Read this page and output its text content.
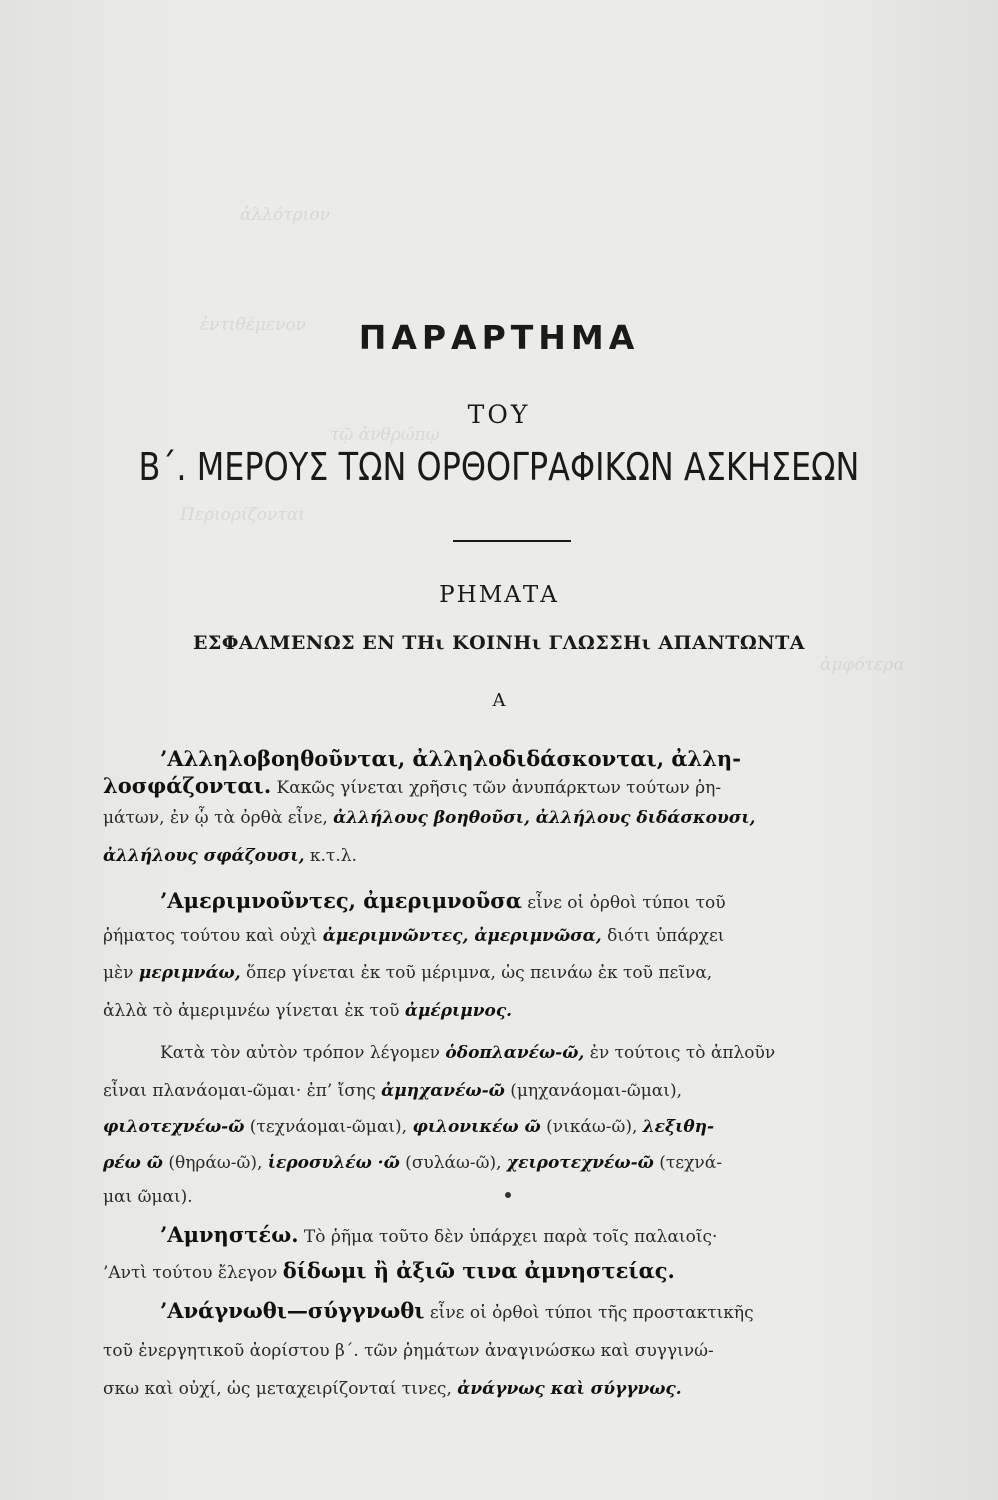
ἀλλότριον
ἐντιθέμενον
τῷ ἀνθρώπῳ
Περιορίζονται
ἀμφότερα
ΠΑΡΑΡΤΗΜΑ
ΤΟΥ
Β΄. ΜΕΡΟΥΣ ΤΩΝ ΟΡΘΟΓΡΑΦΙΚΩΝ ΑΣΚΗΣΕΩΝ
ΡΗΜΑΤΑ
ΕΣΦΑΛΜΕΝΩΣ ΕΝ ΤΗι ΚΟΙΝΗι ΓΛΩΣΣΗι ΑΠΑΝΤΩΝΤΑ
Α
’Αλληλοβοηθοῦνται, ἀλληλοδιδάσκονται, ἀλλη-
λοσφάζονται. Κακῶς γίνεται χρῆσις τῶν ἀνυπάρκτων τούτων ῥη-
μάτων, ἐν ᾧ τὰ ὀρθὰ εἶνε, ἀλλήλους βοηθοῦσι, ἀλλήλους διδάσκουσι,
ἀλλήλους σφάζουσι, κ.τ.λ.
’Αμεριμνοῦντες, ἀμεριμνοῦσα εἶνε οἱ ὀρθοὶ τύποι τοῦ
ῥήματος τούτου καὶ οὐχὶ ἀμεριμνῶντες, ἀμεριμνῶσα, διότι ὑπάρχει
μὲν μεριμνάω, ὅπερ γίνεται ἐκ τοῦ μέριμνα, ὡς πεινάω ἐκ τοῦ πεῖνα,
ἀλλὰ τὸ ἀμεριμνέω γίνεται ἐκ τοῦ ἀμέριμνος.
Κατὰ τὸν αὐτὸν τρόπον λέγομεν ὁδοπλανέω-ῶ, ἐν τούτοις τὸ ἁπλοῦν
εἶναι πλανάομαι-ῶμαι· ἐπ’ ἴσης ἀμηχανέω-ῶ (μηχανάομαι-ῶμαι),
φιλοτεχνέω-ῶ (τεχνάομαι-ῶμαι), φιλονικέω ῶ (νικάω-ῶ), λεξιθη-
ρέω ῶ (θηράω-ῶ), ἱεροσυλέω ·ῶ (συλάω-ῶ), χειροτεχνέω-ῶ (τεχνά-
μαι ῶμαι).
’Αμνηστέω. Τὸ ῥῆμα τοῦτο δὲν ὑπάρχει παρὰ τοῖς παλαιοῖς·
’Αντὶ τούτου ἔλεγον δίδωμι ἢ ἀξιῶ τινα ἀμνηστείας.
’Ανάγνωθι—σύγγνωθι εἶνε οἱ ὀρθοὶ τύποι τῆς προστακτικῆς
τοῦ ἐνεργητικοῦ ἀορίστου β΄. τῶν ῥημάτων ἀναγινώσκω καὶ συγγινώ-
σκω καὶ οὐχί, ὡς μεταχειρίζονταί τινες, ἀνάγνως καὶ σύγγνως.
